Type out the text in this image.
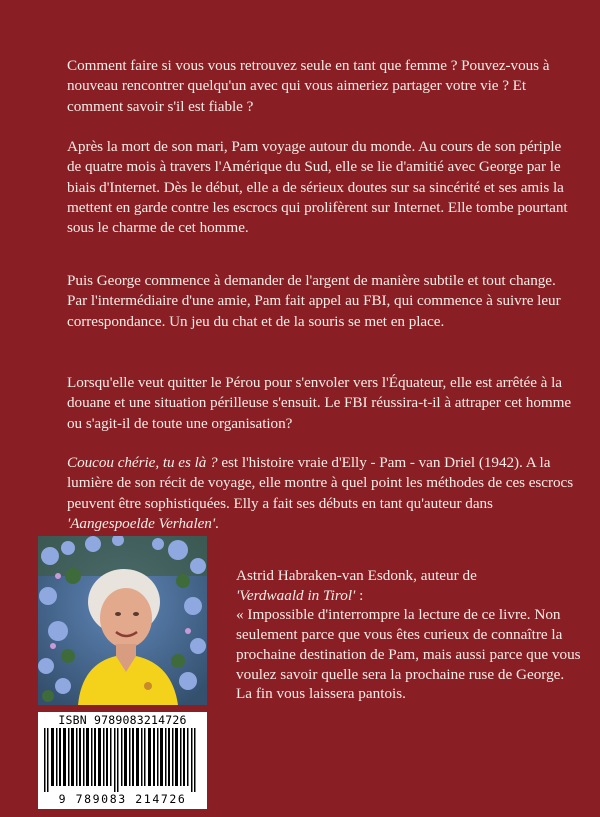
Comment faire si vous vous retrouvez seule en tant que femme ? Pouvez-vous à nouveau rencontrer quelqu'un avec qui vous aimeriez partager votre vie ? Et comment savoir s'il est fiable ?

Après la mort de son mari, Pam voyage autour du monde. Au cours de son périple de quatre mois à travers l'Amérique du Sud, elle se lie d'amitié avec George par le biais d'Internet. Dès le début, elle a de sérieux doutes sur sa sincérité et ses amis la mettent en garde contre les escrocs qui prolifèrent sur Internet. Elle tombe pourtant sous le charme de cet homme.

Puis George commence à demander de l'argent de manière subtile et tout change. Par l'intermédiaire d'une amie, Pam fait appel au FBI, qui commence à suivre leur correspondance. Un jeu du chat et de la souris se met en place.

Lorsqu'elle veut quitter le Pérou pour s'envoler vers l'Équateur, elle est arrêtée à la douane et une situation périlleuse s'ensuit. Le FBI réussira-t-il à attraper cet homme ou s'agit-il de toute une organisation?

Coucou chérie, tu es là ? est l'histoire vraie d'Elly - Pam - van Driel (1942). A la lumière de son récit de voyage, elle montre à quel point les méthodes de ces escrocs peuvent être sophistiquées. Elly a fait ses débuts en tant qu'auteur dans 'Aangespoelde Verhalen'.

ISBN 9789083214726
9 789083 214726

Astrid Habraken-van Esdonk, auteur de
'Verdwaald in Tirol' :
« Impossible d'interrompre la lecture de ce livre. Non seulement parce que vous êtes curieux de connaître la prochaine destination de Pam, mais aussi parce que vous voulez savoir quelle sera la prochaine ruse de George. La fin vous laissera pantois.
